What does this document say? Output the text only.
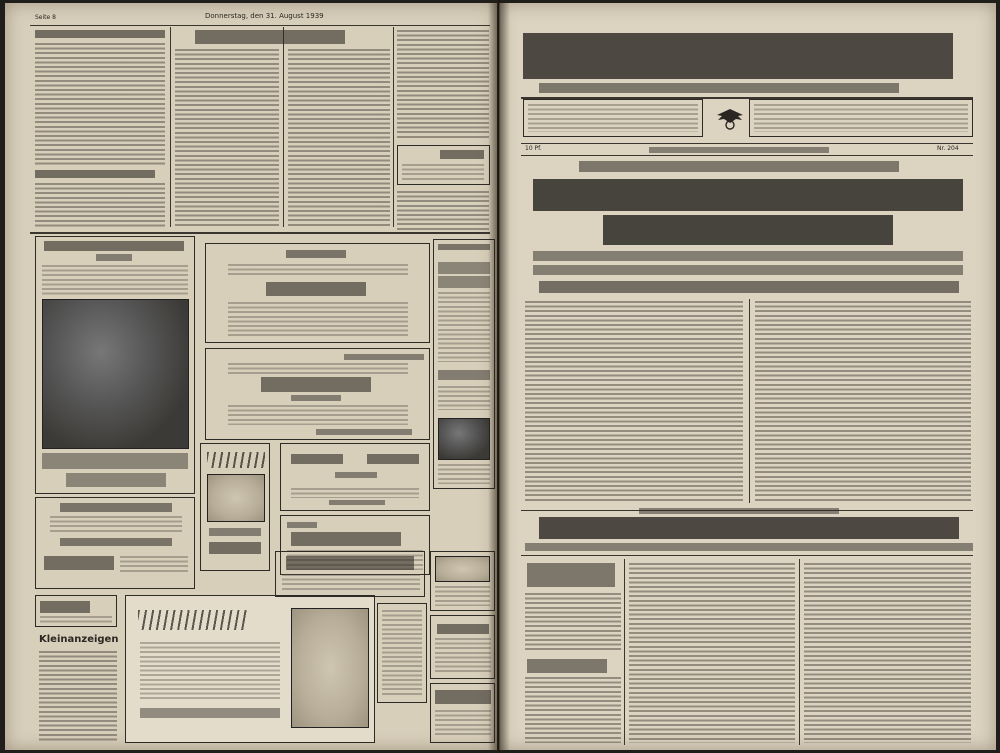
Seite 8	Donnerstag, den 31. August 1939
Kleinanzeigen
10 Pf.	Nr. 204
